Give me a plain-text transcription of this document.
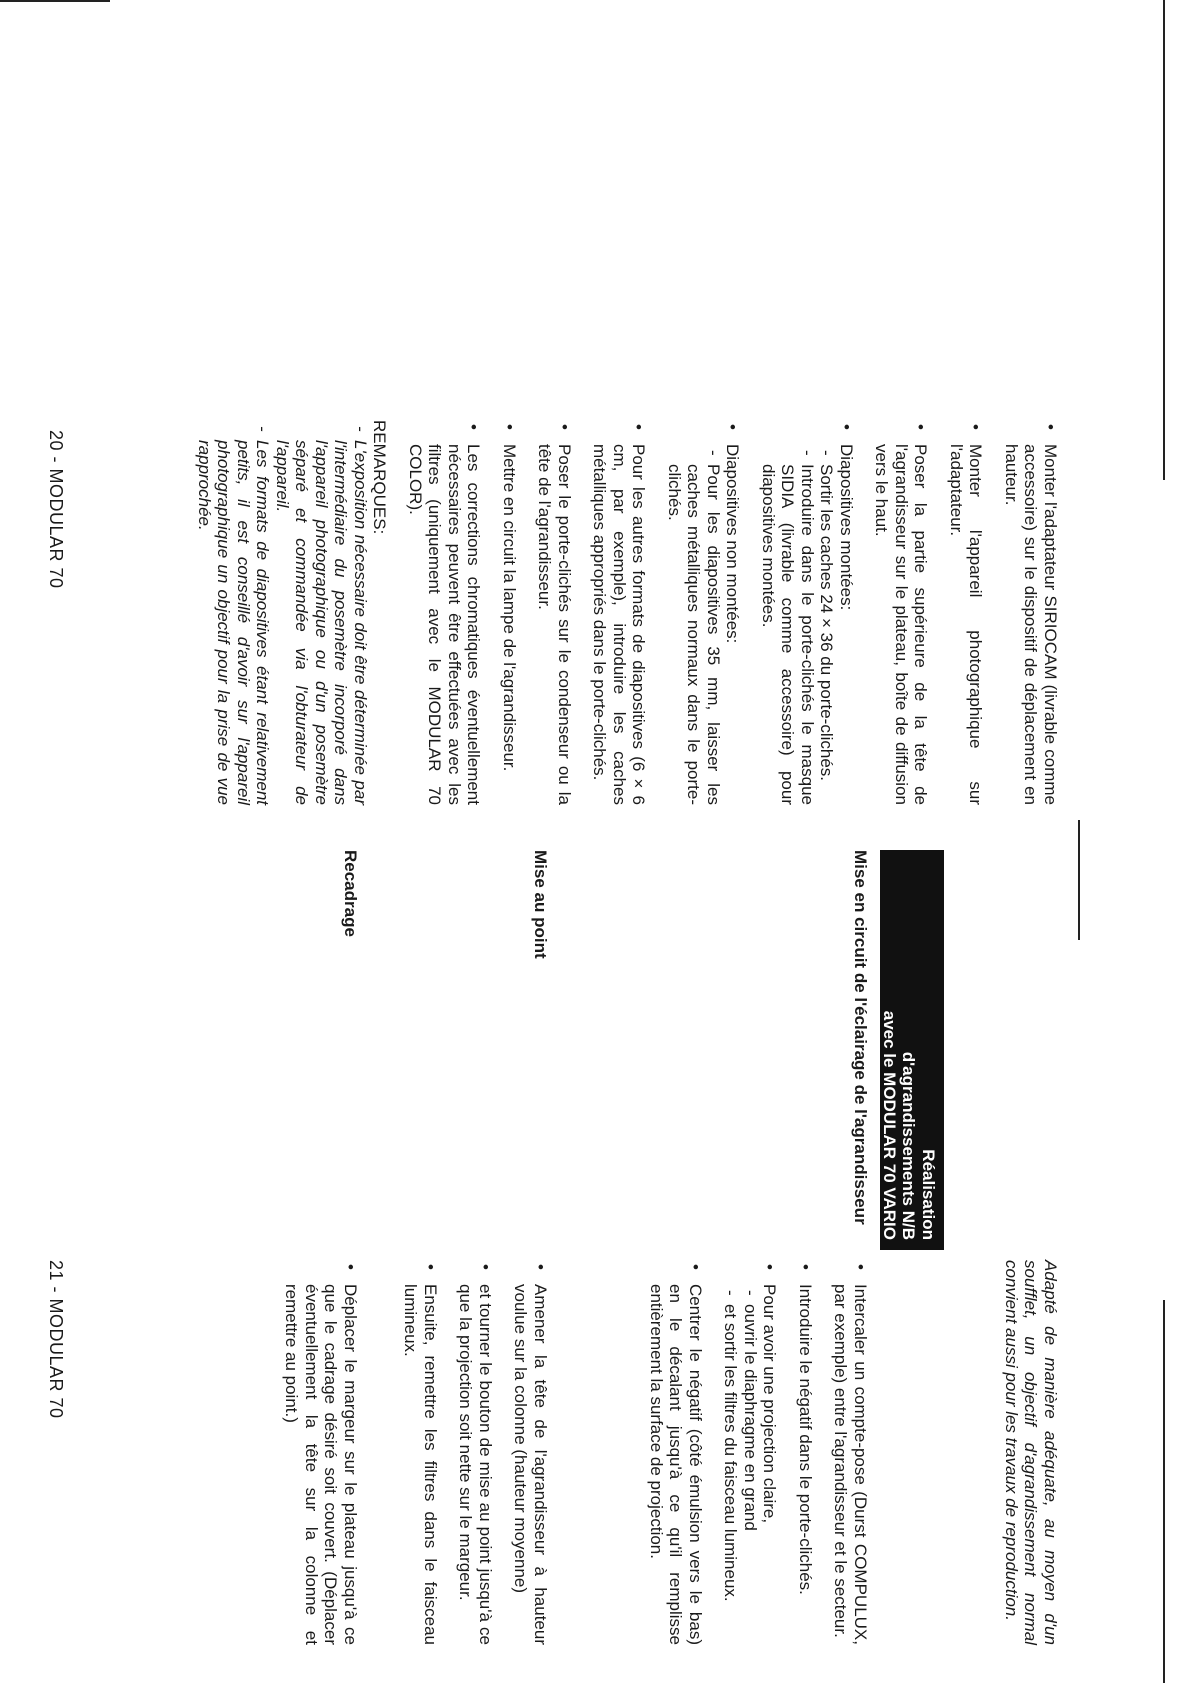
• Monter l'adaptateur SIRIOCAM (livrable comme accessoire) sur le dispositif de déplacement en hauteur.
• Monter l'appareil photographique sur l'adaptateur.
• Poser la partie supérieure de la tête de l'agrandisseur sur le plateau, boîte de diffusion vers le haut.
• Diapositives montées:
- Sortir les caches 24 × 36 du porte-clichés.
- Introduire dans le porte-clichés le masque SIDIA (livrable comme accessoire) pour diapositives montées.
• Diapositives non montées:
- Pour les diapositives 35 mm, laisser les caches métalliques normaux dans le porte-clichés.
• Pour les autres formats de diapositives (6 × 6 cm, par exemple), introduire les caches métalliques appropriés dans le porte-clichés.
• Poser le porte-clichés sur le condenseur ou la tête de l'agrandisseur.
• Mettre en circuit la lampe de l'agrandisseur.
• Les corrections chromatiques éventuellement nécessaires peuvent être effectuées avec les filtres (uniquement avec le MODULAR 70 COLOR).
REMARQUES:
- L'exposition nécessaire doit être déterminée par l'intermédiaire du posemètre incorporé dans l'appareil photographique ou d'un posemètre séparé et commandée via l'obturateur de l'appareil.
- Les formats de diapositives étant relativement petits, il est conseillé d'avoir sur l'appareil photographique un objectif pour la prise de vue rapprochée.
20 - MODULAR 70
Adapté de manière adéquate, au moyen d'un soufflet, un objectif d'agrandissement normal convient aussi pour les travaux de reproduction.
Réalisation
d'agrandissements N/B
avec le MODULAR 70 VARIO
Mise en circuit de l'éclairage de l'agrandisseur
• Intercaler un compte-pose (Durst COMPULUX, par exemple) entre l'agrandisseur et le secteur.
• Introduire le négatif dans le porte-clichés.
• Pour avoir une projection claire,
- ouvrir le diaphragme en grand
- et sortir les filtres du faisceau lumineux.
• Centrer le négatif (côté émulsion vers le bas) en le décalant jusqu'à ce qu'il remplisse entièrement la surface de projection.
Mise au point
• Amener la tête de l'agrandisseur à hauteur voulue sur la colonne (hauteur moyenne)
• et tourner le bouton de mise au point jusqu'à ce que la projection soit nette sur le margeur.
• Ensuite, remettre les filtres dans le faisceau lumineux.
Recadrage
• Déplacer le margeur sur le plateau jusqu'à ce que le cadrage désiré soit couvert. (Déplacer éventuellement la tête sur la colonne et remettre au point.)
21 - MODULAR 70
